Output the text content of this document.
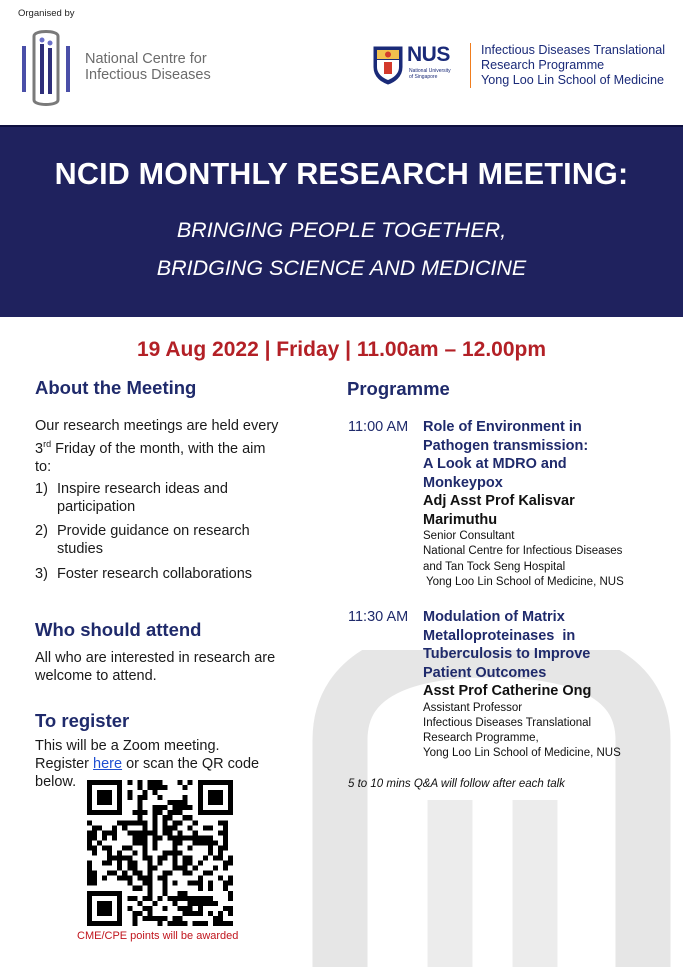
Organised by
National Centre for
Infectious Diseases
NUS
National University
of Singapore
Infectious Diseases Translational
Research Programme
Yong Loo Lin School of Medicine
NCID MONTHLY RESEARCH MEETING:
BRINGING PEOPLE TOGETHER,
BRIDGING SCIENCE AND MEDICINE
19 Aug 2022 | Friday | 11.00am – 12.00pm
About the Meeting
Our research meetings are held every
3rd Friday of the month, with the aim
to:
1) Inspire research ideas and
participation
2) Provide guidance on research
studies
3) Foster research collaborations
Who should attend
All who are interested in research are
welcome to attend.
To register
This will be a Zoom meeting.
Register here or scan the QR code
below.
CME/CPE points will be awarded
Programme
11:00 AM Role of Environment in
Pathogen transmission:
A Look at MDRO and
Monkeypox
Adj Asst Prof Kalisvar
Marimuthu
Senior Consultant
National Centre for Infectious Diseases
and Tan Tock Seng Hospital
Yong Loo Lin School of Medicine, NUS
11:30 AM Modulation of Matrix
Metalloproteinases  in
Tuberculosis to Improve
Patient Outcomes
Asst Prof Catherine Ong
Assistant Professor
Infectious Diseases Translational
Research Programme,
Yong Loo Lin School of Medicine, NUS
5 to 10 mins Q&A will follow after each talk
